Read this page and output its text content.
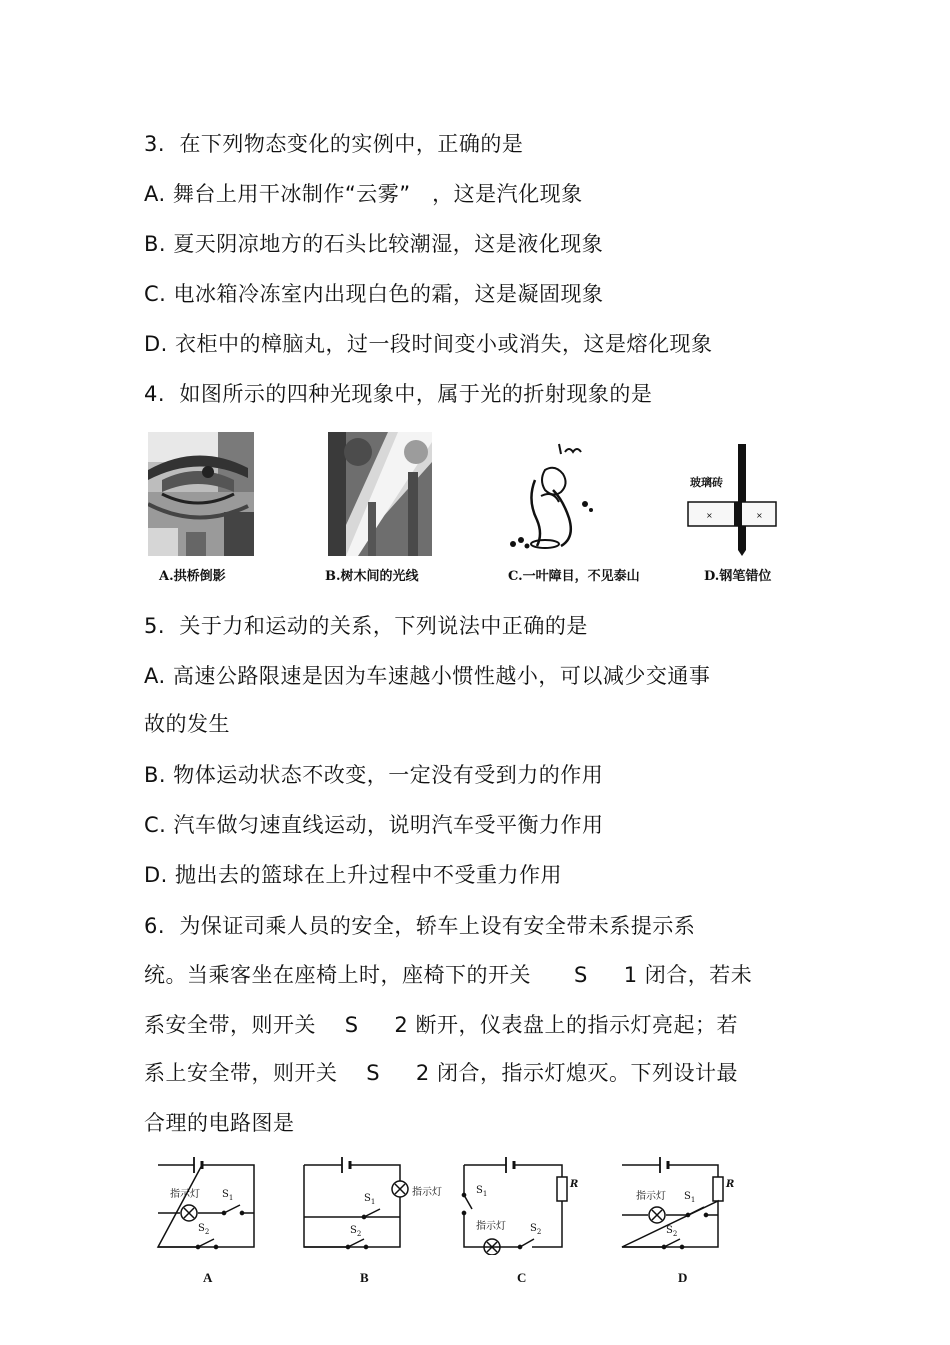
3.  在下列物态变化的实例中，正确的是
A. 舞台上用干冰制作“云雾”   ，这是汽化现象
B. 夏天阴凉地方的石头比较潮湿，这是液化现象
C. 电冰箱冷冻室内出现白色的霜，这是凝固现象
D. 衣柜中的樟脑丸，过一段时间变小或消失，这是熔化现象
4.  如图所示的四种光现象中，属于光的折射现象的是
A.拱桥倒影	B.树木间的光线	C.一叶障目，不见泰山
×	×
玻璃砖
D.钢笔错位
5.  关于力和运动的关系，下列说法中正确的是
A. 高速公路限速是因为车速越小惯性越小，可以减少交通事
故的发生
B. 物体运动状态不改变，一定没有受到力的作用
C. 汽车做匀速直线运动，说明汽车受平衡力作用
D. 抛出去的篮球在上升过程中不受重力作用
6.  为保证司乘人员的安全，轿车上设有安全带未系提示系
统。当乘客坐在座椅上时，座椅下的开关      S     1 闭合，若未
系安全带，则开关    S     2 断开，仪表盘上的指示灯亮起；若
系上安全带，则开关    S     2 闭合，指示灯熄灭。下列设计最
合理的电路图是
指示灯 $S_1$
$S_2$
A
指示灯
$S_1$
$S_2$
B
R
$S_1$
指示灯 $S_2$
C
指示灯
R
$S_1$
$S_2$
D
